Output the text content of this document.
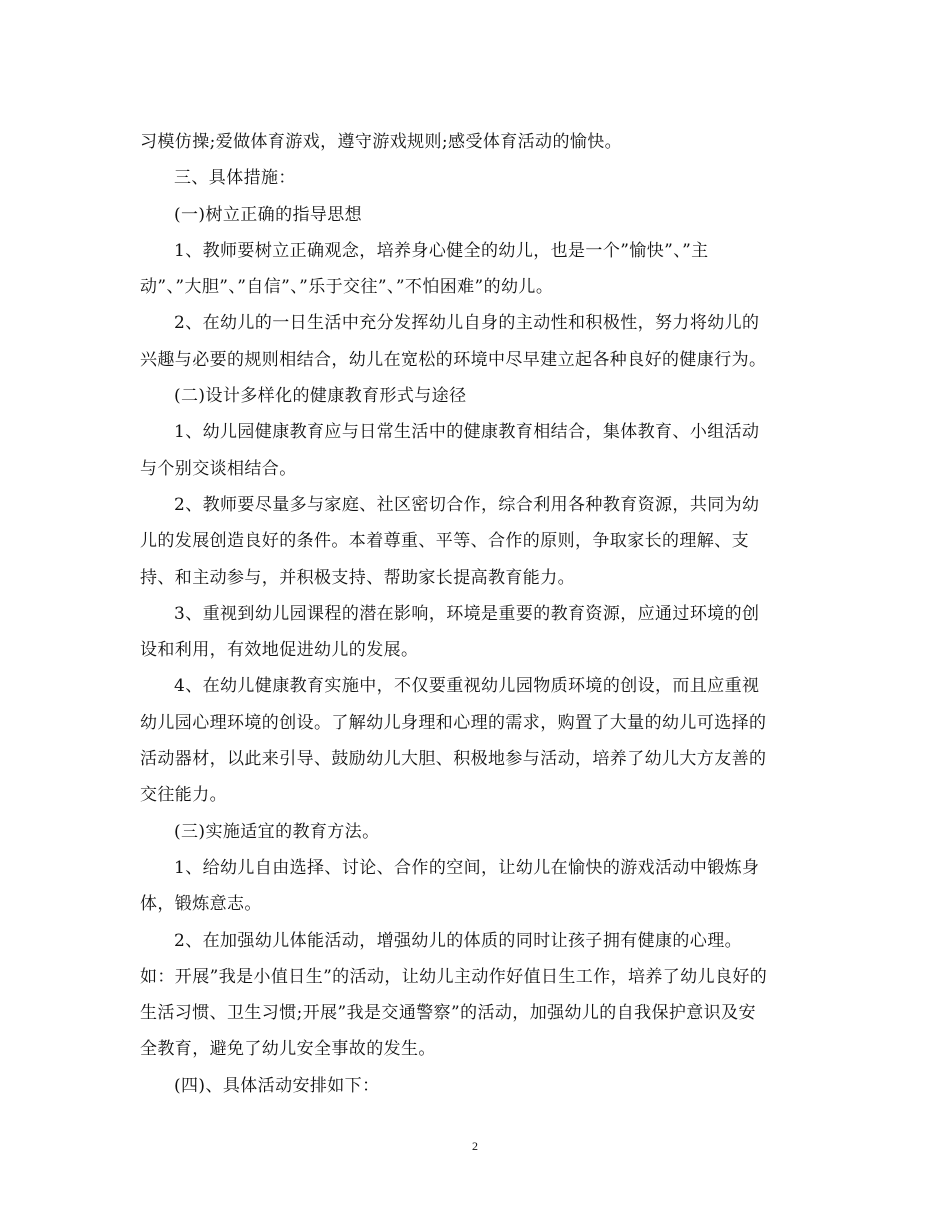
习模仿操;爱做体育游戏，遵守游戏规则;感受体育活动的愉快。
三、具体措施：
(一)树立正确的指导思想
1、教师要树立正确观念，培养身心健全的幼儿，也是一个”愉快”、”主
动”、”大胆”、”自信”、”乐于交往”、”不怕困难”的幼儿。
2、在幼儿的一日生活中充分发挥幼儿自身的主动性和积极性，努力将幼儿的
兴趣与必要的规则相结合，幼儿在宽松的环境中尽早建立起各种良好的健康行为。
(二)设计多样化的健康教育形式与途径
1、幼儿园健康教育应与日常生活中的健康教育相结合，集体教育、小组活动
与个别交谈相结合。
2、教师要尽量多与家庭、社区密切合作，综合利用各种教育资源，共同为幼
儿的发展创造良好的条件。本着尊重、平等、合作的原则，争取家长的理解、支
持、和主动参与，并积极支持、帮助家长提高教育能力。
3、重视到幼儿园课程的潜在影响，环境是重要的教育资源，应通过环境的创
设和利用，有效地促进幼儿的发展。
4、在幼儿健康教育实施中，不仅要重视幼儿园物质环境的创设，而且应重视
幼儿园心理环境的创设。了解幼儿身理和心理的需求，购置了大量的幼儿可选择的
活动器材，以此来引导、鼓励幼儿大胆、积极地参与活动，培养了幼儿大方友善的
交往能力。
(三)实施适宜的教育方法。
1、给幼儿自由选择、讨论、合作的空间，让幼儿在愉快的游戏活动中锻炼身
体，锻炼意志。
2、在加强幼儿体能活动，增强幼儿的体质的同时让孩子拥有健康的心理。
如：开展”我是小值日生”的活动，让幼儿主动作好值日生工作，培养了幼儿良好的
生活习惯、卫生习惯;开展”我是交通警察”的活动，加强幼儿的自我保护意识及安
全教育，避免了幼儿安全事故的发生。
(四)、具体活动安排如下：
2
